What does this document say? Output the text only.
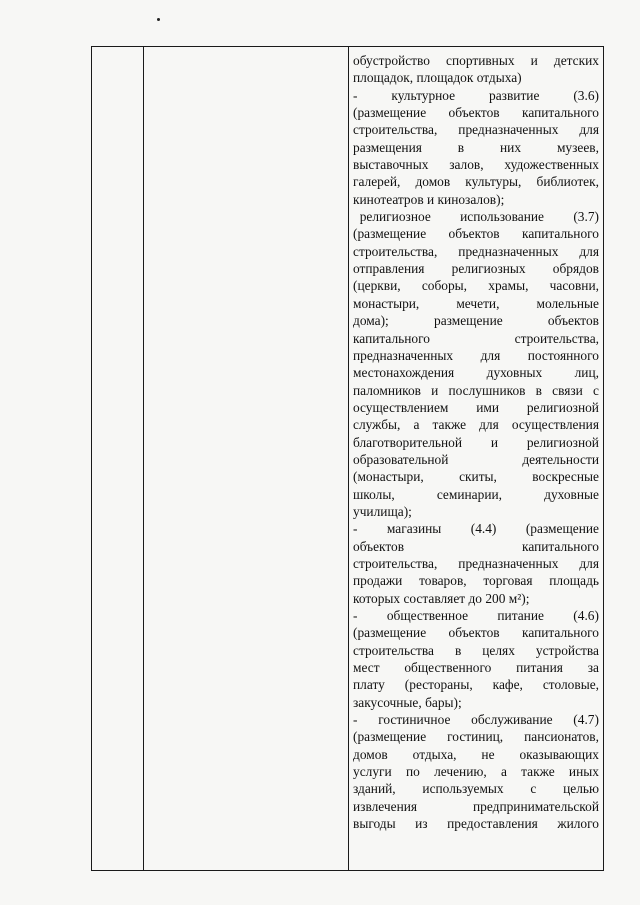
обустройство спортивных и детских
площадок, площадок отдыха)
-	культурное	развитие	(3.6)
(размещение объектов капитального
строительства, предназначенных для
размещения	в	них	музеев,
выставочных залов, художественных
галерей, домов культуры, библиотек,
кинотеатров и кинозалов);
религиозное использование (3.7)
(размещение объектов капитального
строительства, предназначенных для
отправления религиозных обрядов
(церкви, соборы, храмы, часовни,
монастыри,	мечети,	молельные
дома);	размещение	объектов
капитального	строительства,
предназначенных для постоянного
местонахождения духовных лиц,
паломников и послушников в связи с
осуществлением ими религиозной
службы, а также для осуществления
благотворительной и религиозной
образовательной	деятельности
(монастыри,	скиты,	воскресные
школы,	семинарии,	духовные
училища);
- магазины (4.4) (размещение
объектов	капитального
строительства, предназначенных для
продажи товаров, торговая площадь
которых составляет до 200 м²);
- общественное питание (4.6)
(размещение объектов капитального
строительства в целях устройства
мест общественного питания за
плату (рестораны, кафе, столовые,
закусочные, бары);
- гостиничное обслуживание (4.7)
(размещение гостиниц, пансионатов,
домов отдыха, не оказывающих
услуги по лечению, а также иных
зданий, используемых с целью
извлечения	предпринимательской
выгоды из предоставления жилого
